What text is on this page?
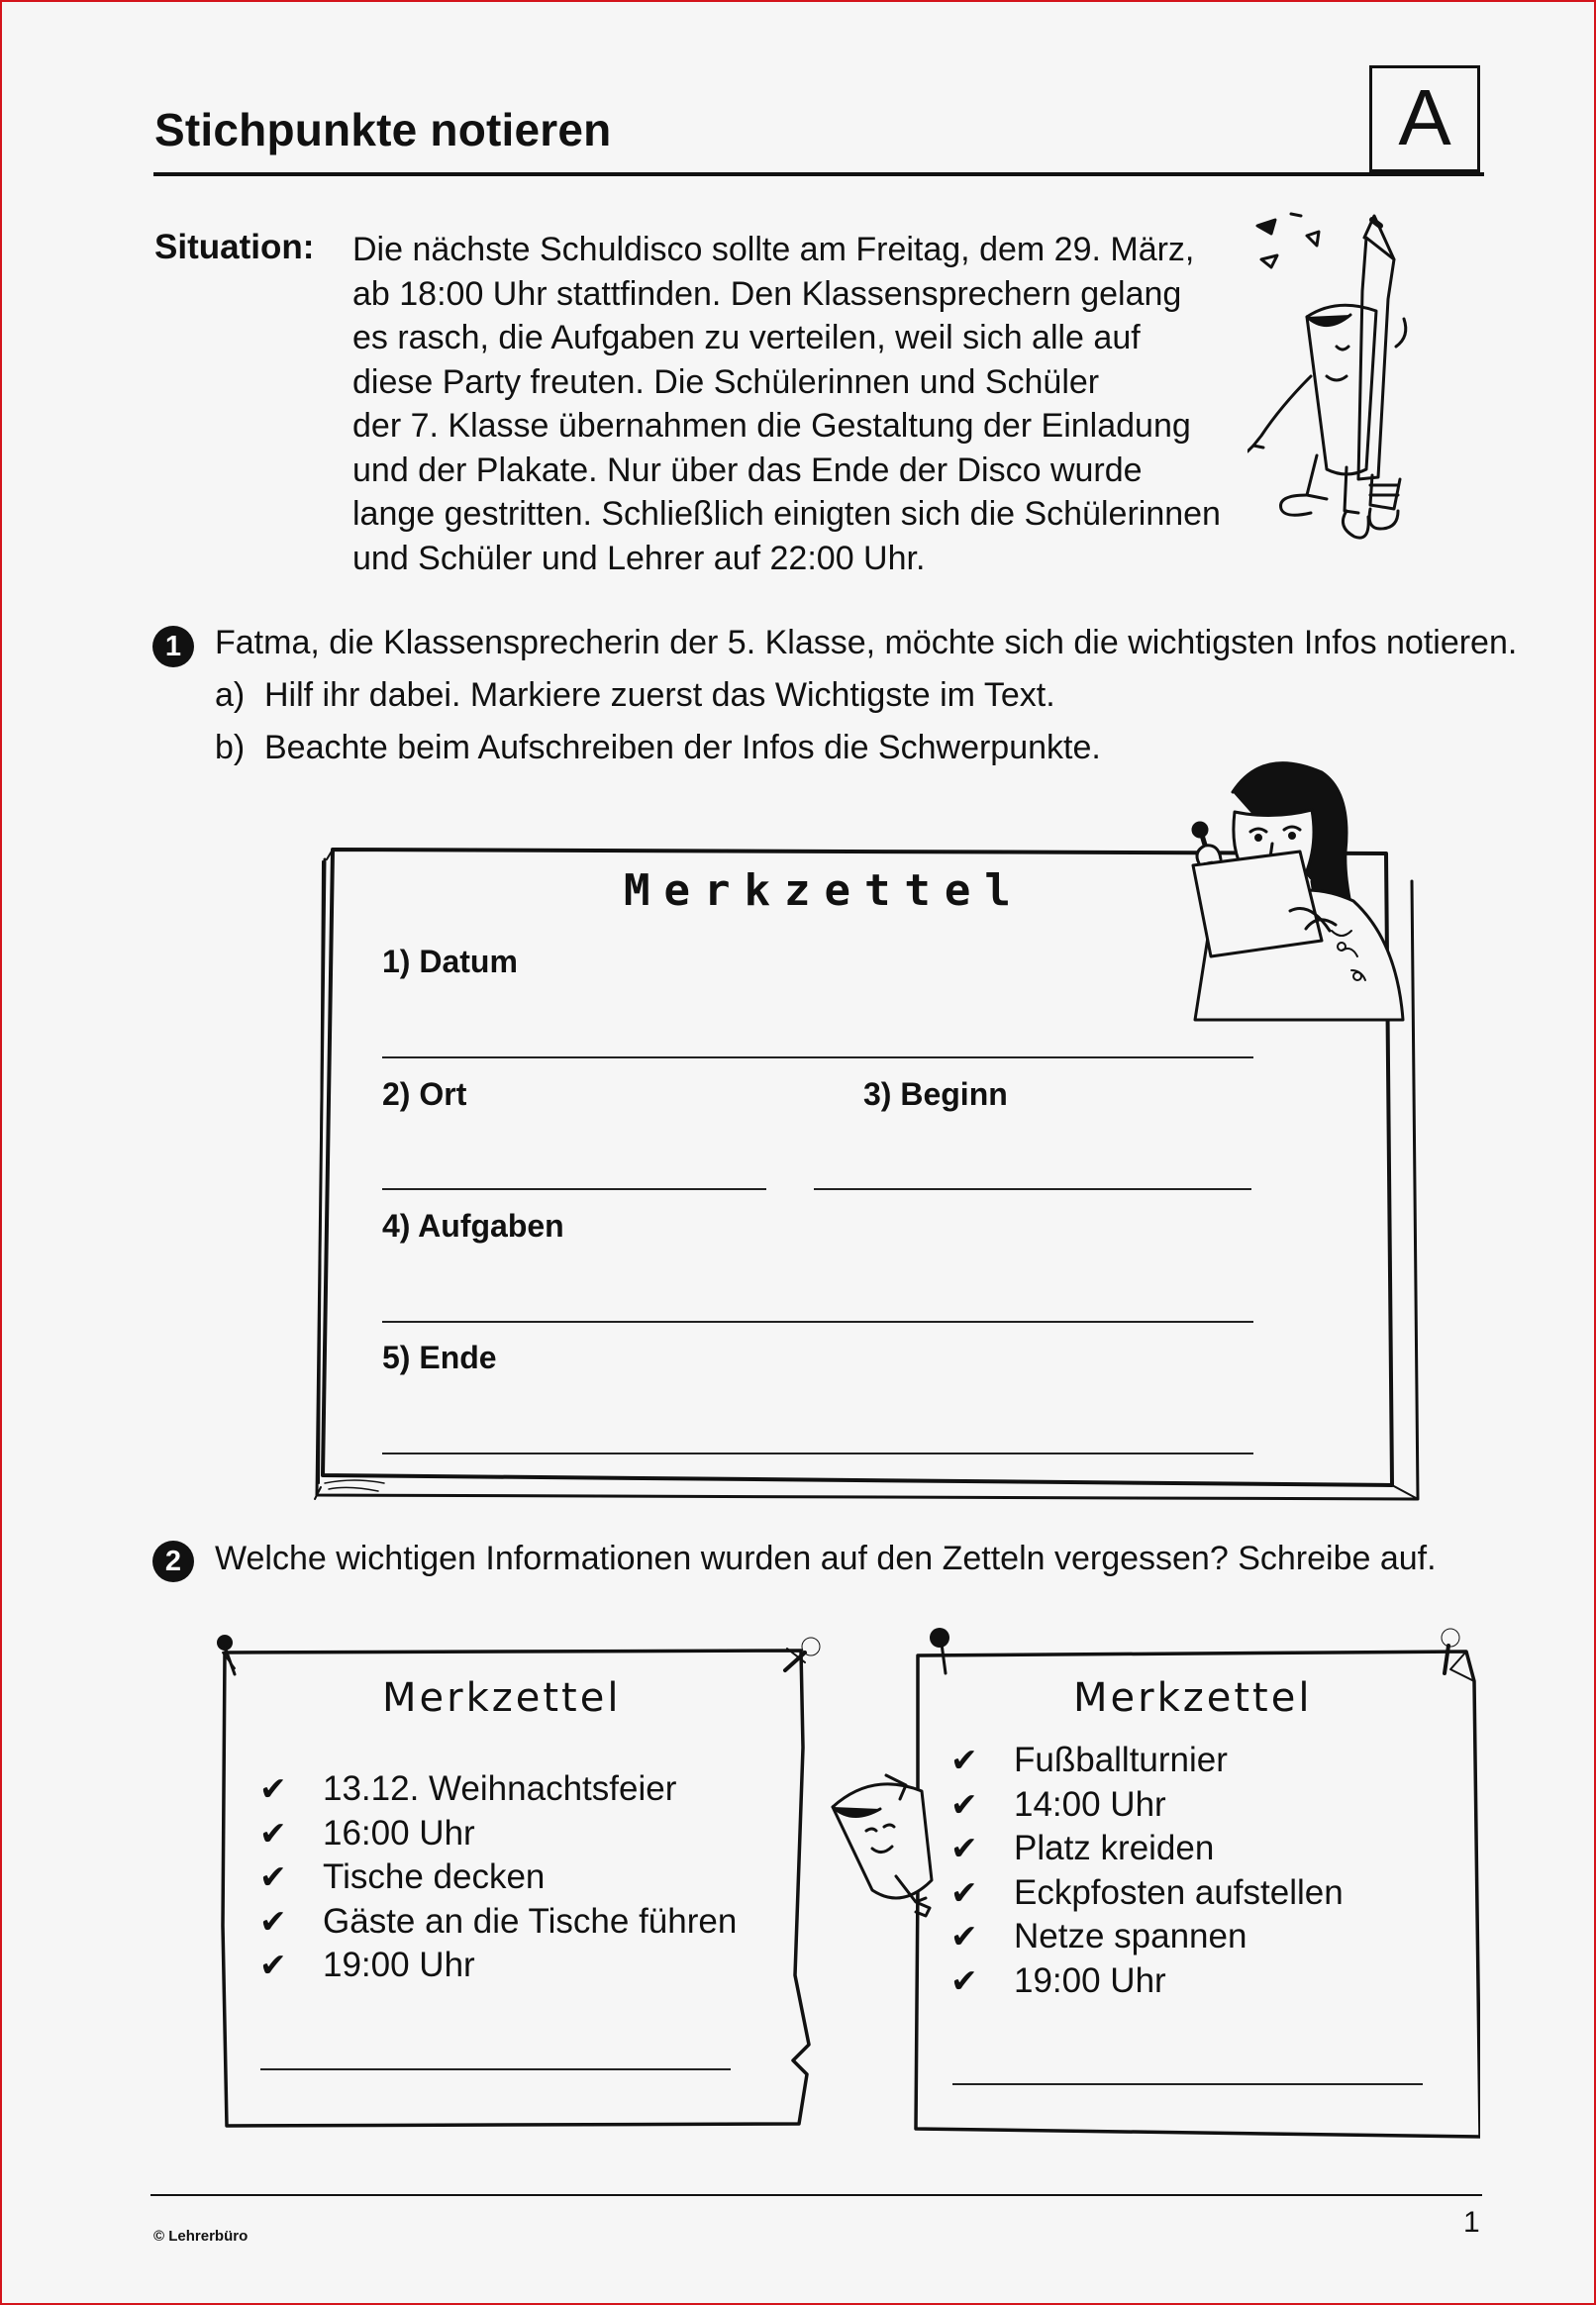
Stichpunkte notieren	A
Situation: Die nächste Schuldisco sollte am Freitag, dem 29. März,
ab 18:00 Uhr stattfinden. Den Klassensprechern gelang
es rasch, die Aufgaben zu verteilen, weil sich alle auf
diese Party freuten. Die Schülerinnen und Schüler
der 7. Klasse übernahmen die Gestaltung der Einladung
und der Plakate. Nur über das Ende der Disco wurde
lange gestritten. Schließlich einigten sich die Schülerinnen
und Schüler und Lehrer auf 22:00 Uhr.
1 Fatma, die Klassensprecherin der 5. Klasse, möchte sich die wichtigsten Infos notieren.
a) Hilf ihr dabei. Markiere zuerst das Wichtigste im Text.
b) Beachte beim Aufschreiben der Infos die Schwerpunkte.
Merkzettel
1) Datum
2) Ort	3) Beginn
4) Aufgaben
5) Ende
2 Welche wichtigen Informationen wurden auf den Zetteln vergessen? Schreibe auf.
Merkzettel
✔ 13.12. Weihnachtsfeier
✔ 16:00 Uhr
✔ Tische decken
✔ Gäste an die Tische führen
✔ 19:00 Uhr
Merkzettel
✔ Fußballturnier
✔ 14:00 Uhr
✔ Platz kreiden
✔ Eckpfosten aufstellen
✔ Netze spannen
✔ 19:00 Uhr
© Lehrerbüro	1
